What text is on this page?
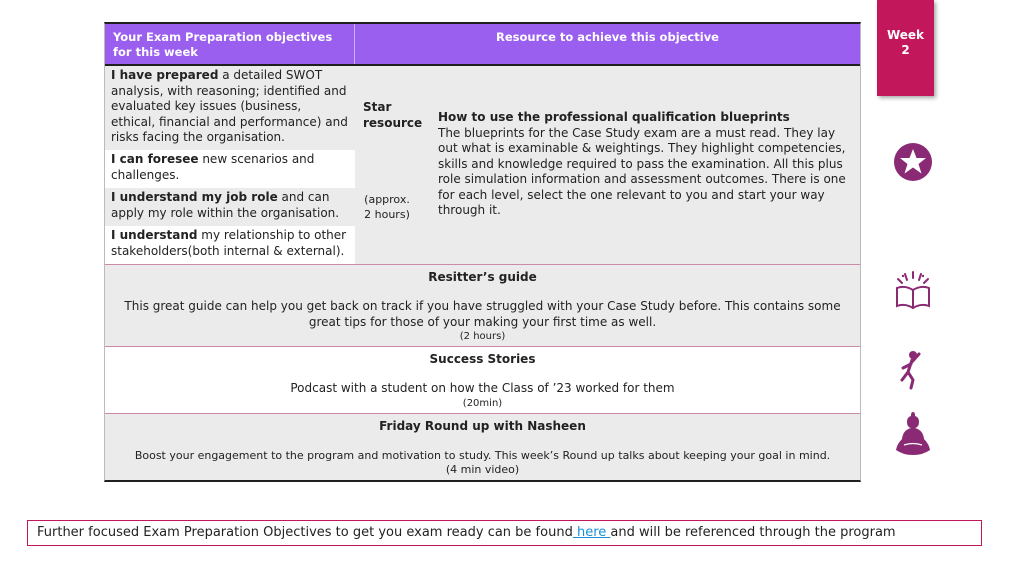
Your Exam Preparation objectives for this week
Resource to achieve this objective
I have prepared a detailed SWOT analysis, with reasoning; identified and evaluated key issues (business, ethical, financial and performance) and risks facing the organisation.
I can foresee new scenarios and challenges.
I understand my job role and can apply my role within the organisation.
I understand my relationship to other stakeholders(both internal & external).
Star resource
(approx. 2 hours)
How to use the professional qualification blueprints
The blueprints for the Case Study exam are a must read. They lay out what is examinable & weightings. They highlight competencies, skills and knowledge required to pass the examination. All this plus role simulation information and assessment outcomes. There is one for each level, select the one relevant to you and start your way through it.
Resitter’s guide
This great guide can help you get back on track if you have struggled with your Case Study before. This contains some great tips for those of your making your first time as well.
(2 hours)
Success Stories
Podcast with a student on how the Class of ’23 worked for them
(20min)
Friday Round up with Nasheen
Boost your engagement to the program and motivation to study. This week’s Round up talks about keeping your goal in mind.
(4 min video)
Week
2
Further focused Exam Preparation Objectives to get you exam ready can be found here and will be referenced through the program
